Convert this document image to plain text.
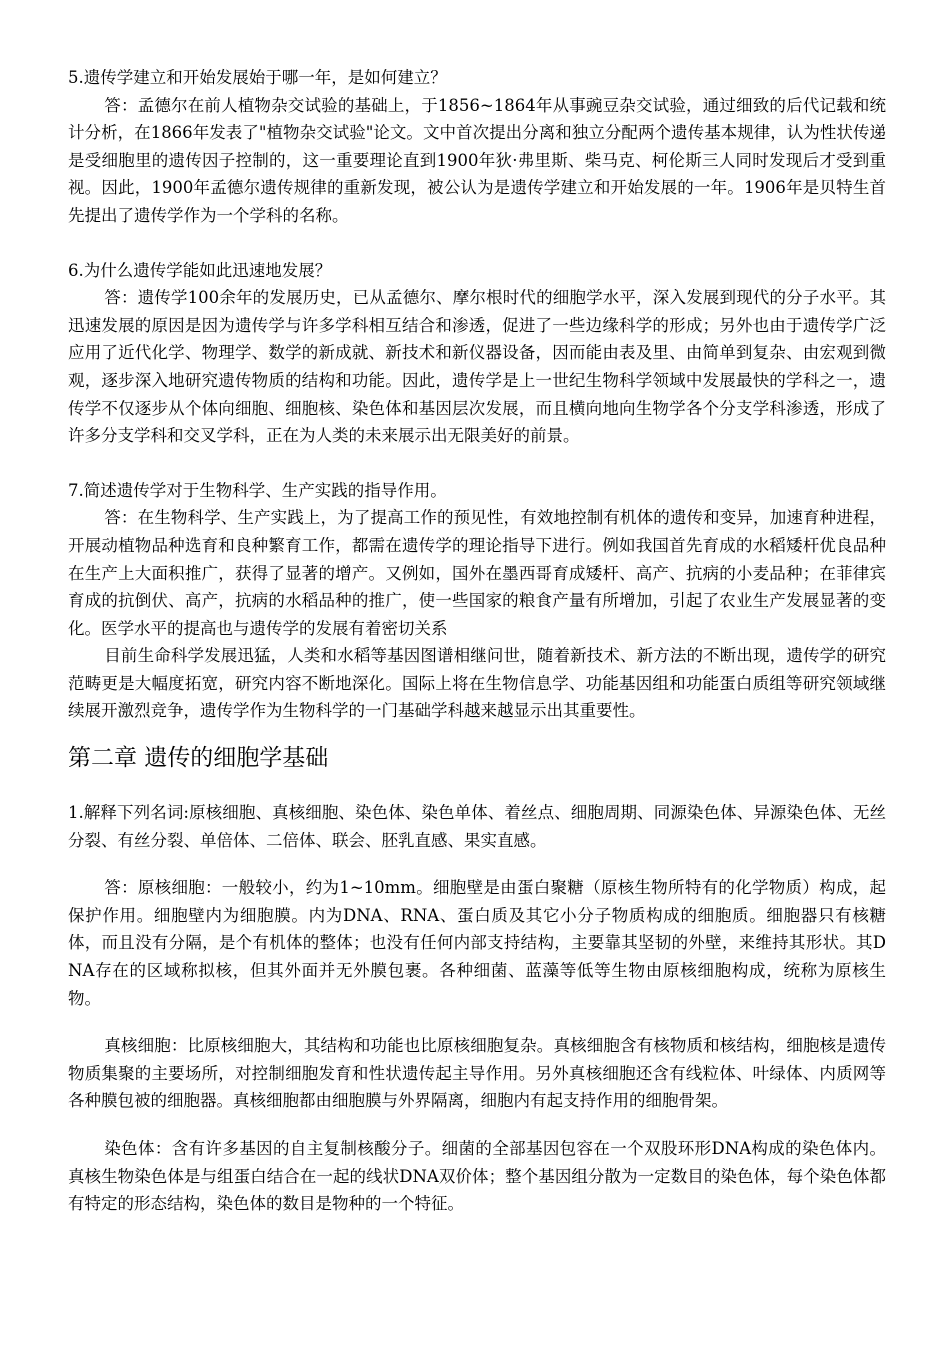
5.遗传学建立和开始发展始于哪一年，是如何建立？

答：孟德尔在前人植物杂交试验的基础上，于1856~1864年从事豌豆杂交试验，通过细致的后代记载和统计分析，在1866年发表了"植物杂交试验"论文。文中首次提出分离和独立分配两个遗传基本规律，认为性状传递是受细胞里的遗传因子控制的，这一重要理论直到1900年狄·弗里斯、柴马克、柯伦斯三人同时发现后才受到重视。因此，1900年孟德尔遗传规律的重新发现，被公认为是遗传学建立和开始发展的一年。1906年是贝特生首先提出了遗传学作为一个学科的名称。

6.为什么遗传学能如此迅速地发展？

答：遗传学100余年的发展历史，已从孟德尔、摩尔根时代的细胞学水平，深入发展到现代的分子水平。其迅速发展的原因是因为遗传学与许多学科相互结合和渗透，促进了一些边缘科学的形成；另外也由于遗传学广泛应用了近代化学、物理学、数学的新成就、新技术和新仪器设备，因而能由表及里、由简单到复杂、由宏观到微观，逐步深入地研究遗传物质的结构和功能。因此，遗传学是上一世纪生物科学领域中发展最快的学科之一，遗传学不仅逐步从个体向细胞、细胞核、染色体和基因层次发展，而且横向地向生物学各个分支学科渗透，形成了许多分支学科和交叉学科，正在为人类的未来展示出无限美好的前景。

7.简述遗传学对于生物科学、生产实践的指导作用。

答：在生物科学、生产实践上，为了提高工作的预见性，有效地控制有机体的遗传和变异，加速育种进程，开展动植物品种选育和良种繁育工作，都需在遗传学的理论指导下进行。例如我国首先育成的水稻矮杆优良品种在生产上大面积推广，获得了显著的增产。又例如，国外在墨西哥育成矮杆、高产、抗病的小麦品种；在菲律宾育成的抗倒伏、高产，抗病的水稻品种的推广，使一些国家的粮食产量有所增加，引起了农业生产发展显著的变化。医学水平的提高也与遗传学的发展有着密切关系

目前生命科学发展迅猛，人类和水稻等基因图谱相继问世，随着新技术、新方法的不断出现，遗传学的研究范畴更是大幅度拓宽，研究内容不断地深化。国际上将在生物信息学、功能基因组和功能蛋白质组等研究领域继续展开激烈竞争，遗传学作为生物科学的一门基础学科越来越显示出其重要性。

第二章 遗传的细胞学基础

1.解释下列名词:原核细胞、真核细胞、染色体、染色单体、着丝点、细胞周期、同源染色体、异源染色体、无丝分裂、有丝分裂、单倍体、二倍体、联会、胚乳直感、果实直感。

答：原核细胞：一般较小，约为1~10mm。细胞壁是由蛋白聚糖（原核生物所特有的化学物质）构成，起保护作用。细胞壁内为细胞膜。内为DNA、RNA、蛋白质及其它小分子物质构成的细胞质。细胞器只有核糖体，而且没有分隔，是个有机体的整体；也没有任何内部支持结构，主要靠其坚韧的外壁，来维持其形状。其DNA存在的区域称拟核，但其外面并无外膜包裹。各种细菌、蓝藻等低等生物由原核细胞构成，统称为原核生物。

真核细胞：比原核细胞大，其结构和功能也比原核细胞复杂。真核细胞含有核物质和核结构，细胞核是遗传物质集聚的主要场所，对控制细胞发育和性状遗传起主导作用。另外真核细胞还含有线粒体、叶绿体、内质网等各种膜包被的细胞器。真核细胞都由细胞膜与外界隔离，细胞内有起支持作用的细胞骨架。

染色体：含有许多基因的自主复制核酸分子。细菌的全部基因包容在一个双股环形DNA构成的染色体内。真核生物染色体是与组蛋白结合在一起的线状DNA双价体；整个基因组分散为一定数目的染色体，每个染色体都有特定的形态结构，染色体的数目是物种的一个特征。
